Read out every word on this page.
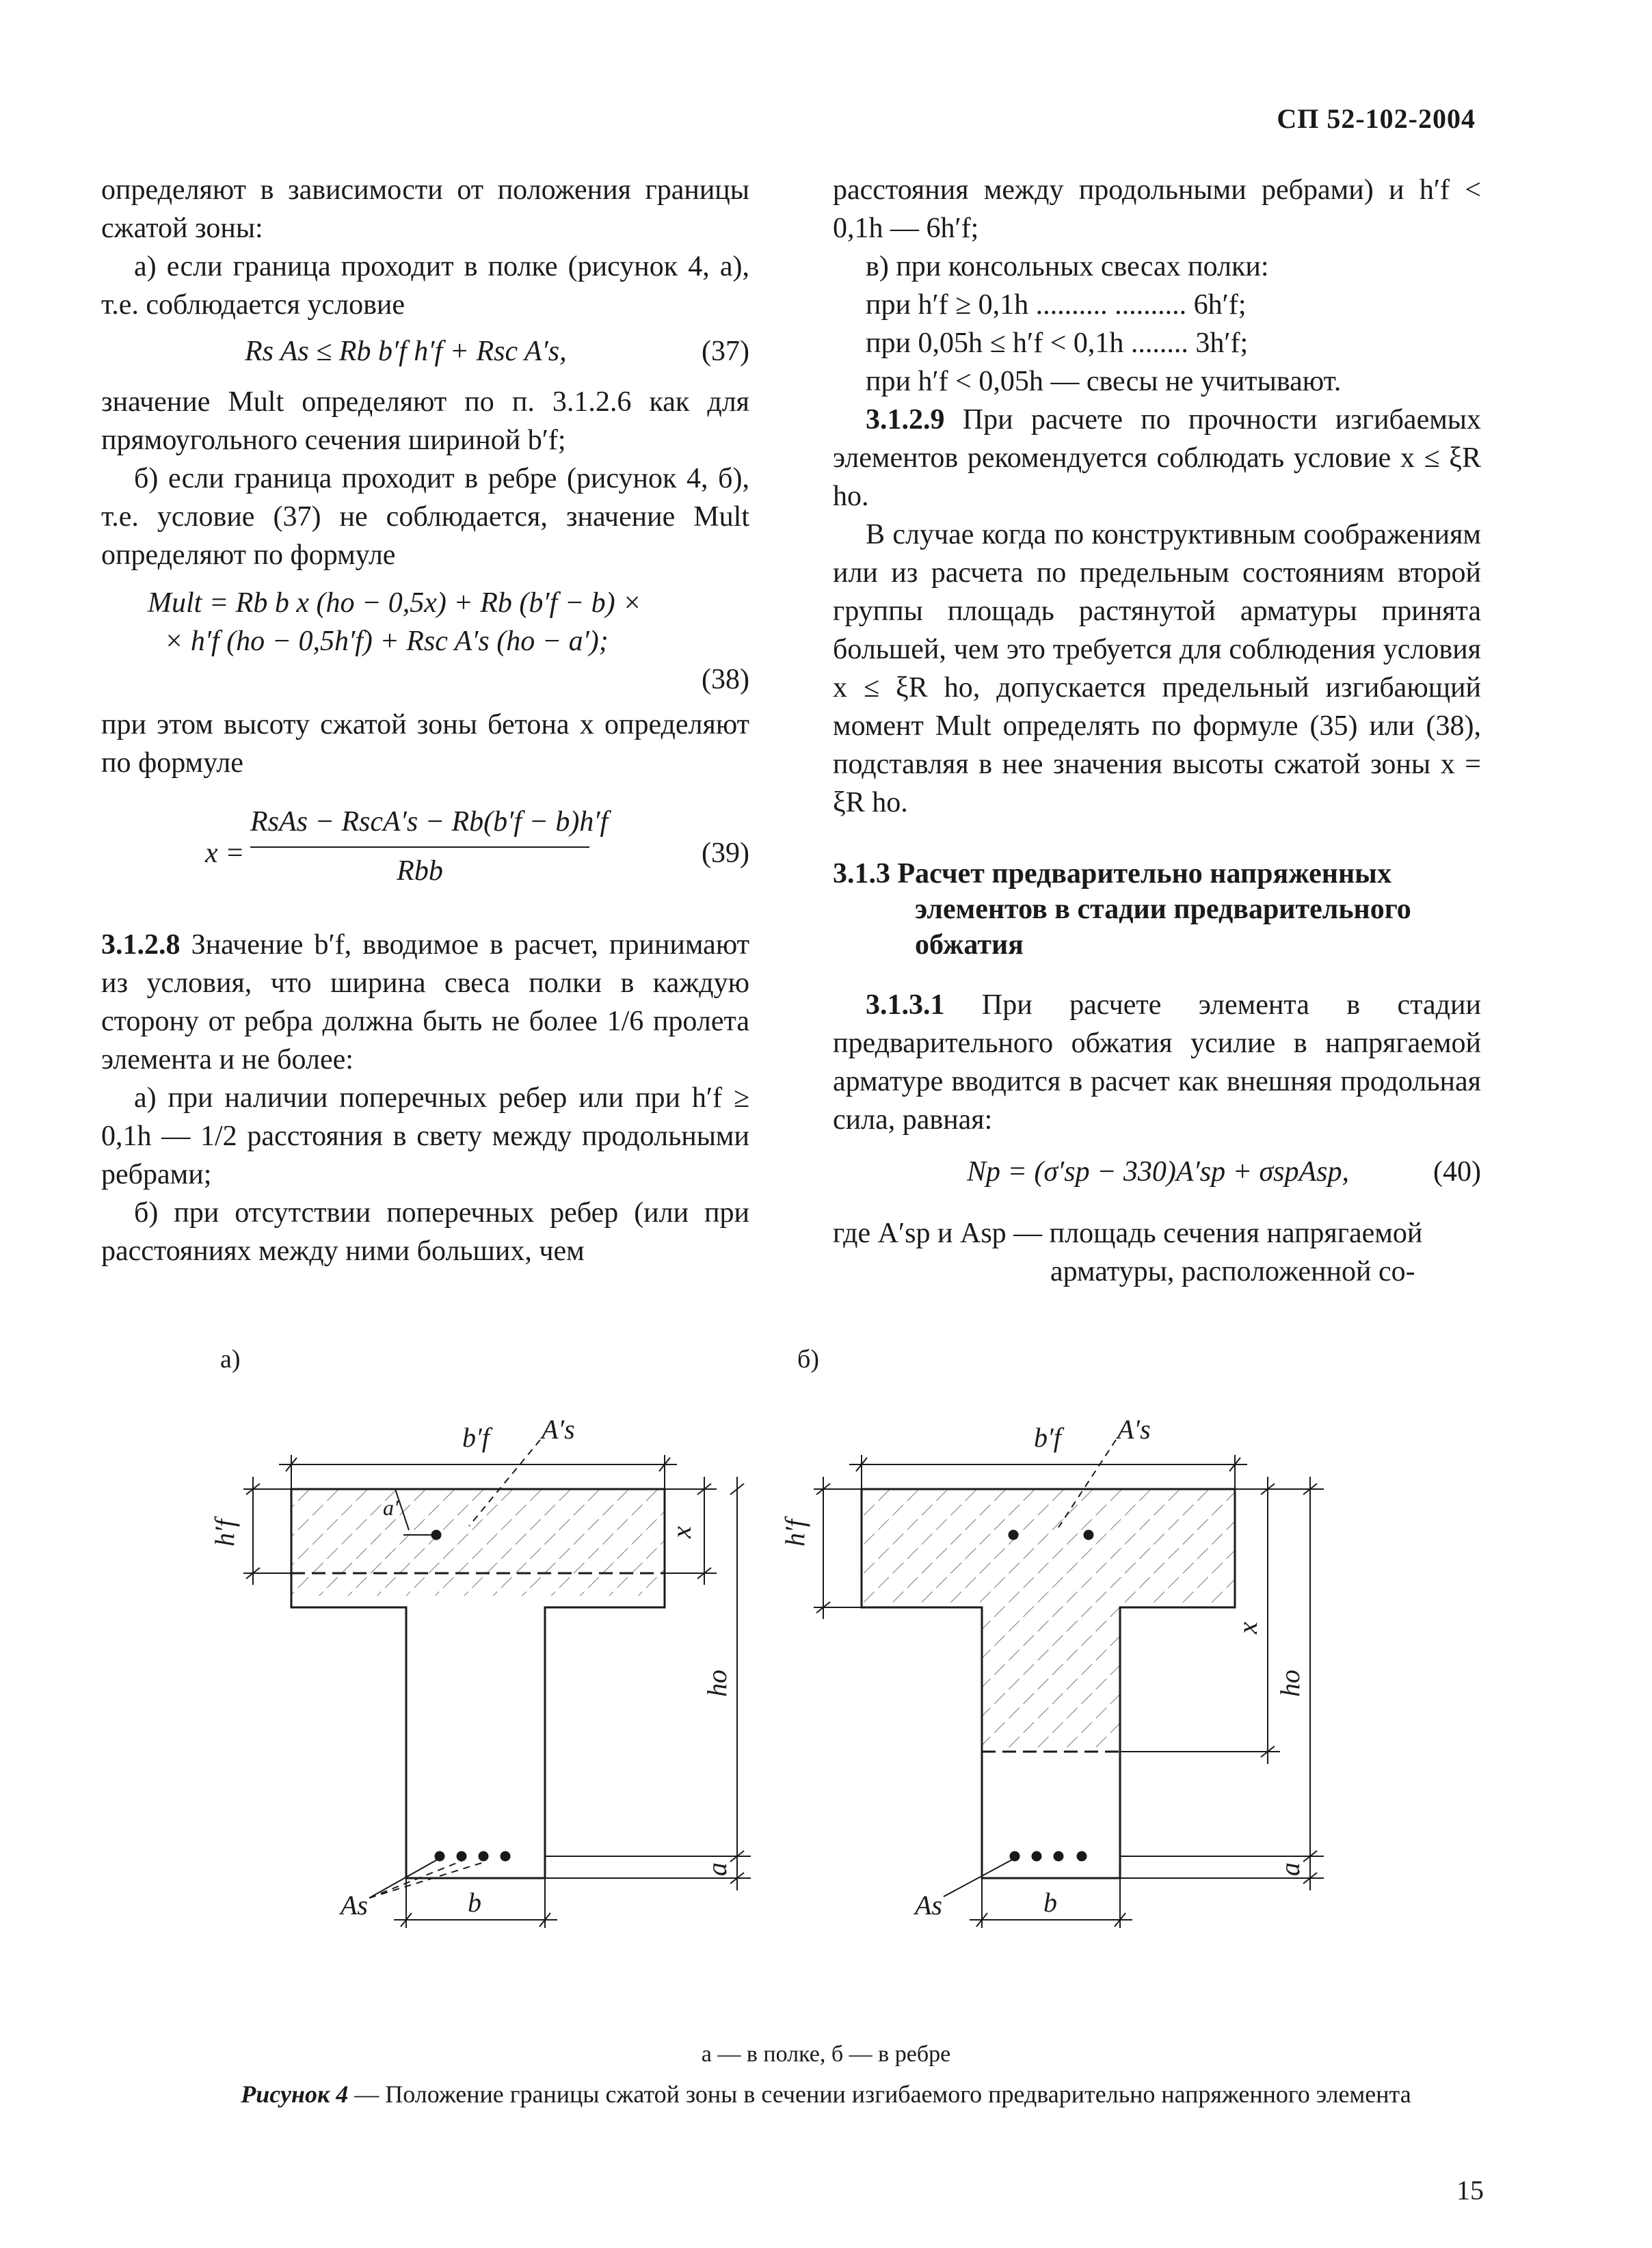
СП 52-102-2004

определяют в зависимости от положения границы сжатой зоны:

а) если граница проходит в полке (рисунок 4, а), т.е. соблюдается условие

Rs As ≤ Rb b′f h′f + Rsc A′s,	(37)

значение Mult определяют по п. 3.1.2.6 как для прямоугольного сечения шириной b′f;

б) если граница проходит в ребре (рисунок 4, б), т.е. условие (37) не соблюдается, значение Mult определяют по формуле

Mult = Rb b x (ho − 0,5x) + Rb (b′f − b) ×
× h′f (ho − 0,5h′f) + Rsc A′s (ho − a′);
(38)

при этом высоту сжатой зоны бетона x определяют по формуле

x =
RsAs − RscA′s − Rb(b′f − b)h′f
Rbb
(39)

3.1.2.8 Значение b′f, вводимое в расчет, принимают из условия, что ширина свеса полки в каждую сторону от ребра должна быть не более 1/6 пролета элемента и не более:

а) при наличии поперечных ребер или при h′f ≥ 0,1h — 1/2 расстояния в свету между продольными ребрами;

б) при отсутствии поперечных ребер (или при расстояниях между ними больших, чем

расстояния между продольными ребрами) и h′f < 0,1h — 6h′f;

в) при консольных свесах полки:

при h′f ≥ 0,1h .......... .......... 6h′f;
при 0,05h ≤ h′f < 0,1h ........ 3h′f;
при h′f < 0,05h — свесы не учитывают.

3.1.2.9 При расчете по прочности изгибаемых элементов рекомендуется соблюдать условие x ≤ ξR ho.

В случае когда по конструктивным соображениям или из расчета по предельным состояниям второй группы площадь растянутой арматуры принята большей, чем это требуется для соблюдения условия x ≤ ξR ho, допускается предельный изгибающий момент Mult определять по формуле (35) или (38), подставляя в нее значения высоты сжатой зоны x = ξR ho.

3.1.3 Расчет предварительно напряженных элементов в стадии предварительного обжатия

3.1.3.1 При расчете элемента в стадии предварительного обжатия усилие в напрягаемой арматуре вводится в расчет как внешняя продольная сила, равная:

Np = (σ′sp − 330)A′sp + σspAsp,	(40)
где A′sp и Asp — площадь сечения напрягаемой
арматуры, расположенной со-
а)	б)
b′f A′s
a′
x
h′f
ho
a
As	b
b′f A′s
h′f
x
ho
a
As	b
а — в полке, б — в ребре
Рисунок 4 — Положение границы сжатой зоны в сечении изгибаемого предварительно напряженного элемента
15
